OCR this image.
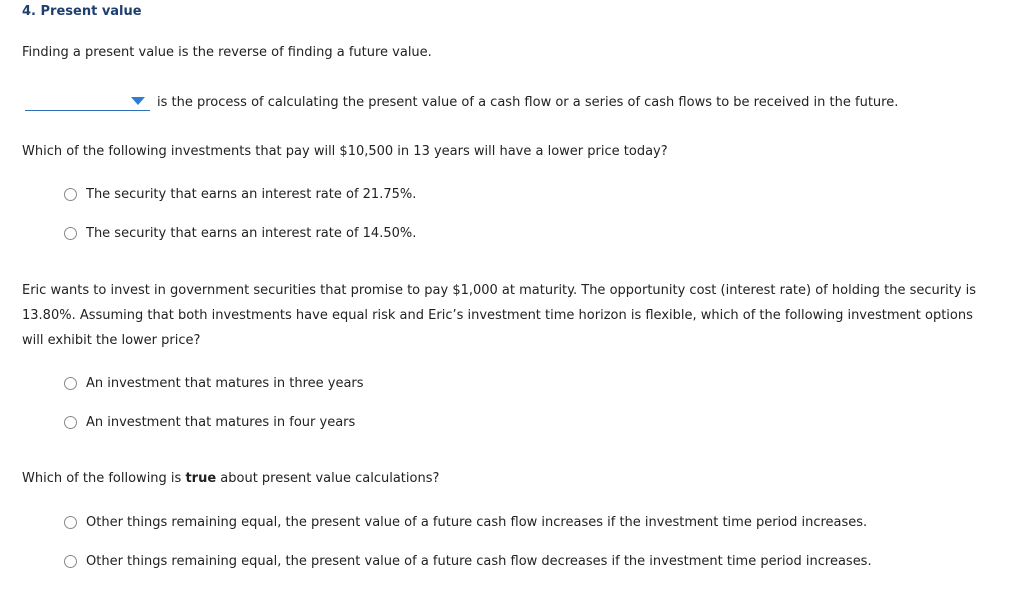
4. Present value
Finding a present value is the reverse of finding a future value.
is the process of calculating the present value of a cash flow or a series of cash flows to be received in the future.
Which of the following investments that pay will $10,500 in 13 years will have a lower price today?
The security that earns an interest rate of 21.75%.
The security that earns an interest rate of 14.50%.
Eric wants to invest in government securities that promise to pay $1,000 at maturity. The opportunity cost (interest rate) of holding the security is 13.80%. Assuming that both investments have equal risk and Eric’s investment time horizon is flexible, which of the following investment options will exhibit the lower price?
An investment that matures in three years
An investment that matures in four years
Which of the following is true about present value calculations?
Other things remaining equal, the present value of a future cash flow increases if the investment time period increases.
Other things remaining equal, the present value of a future cash flow decreases if the investment time period increases.
